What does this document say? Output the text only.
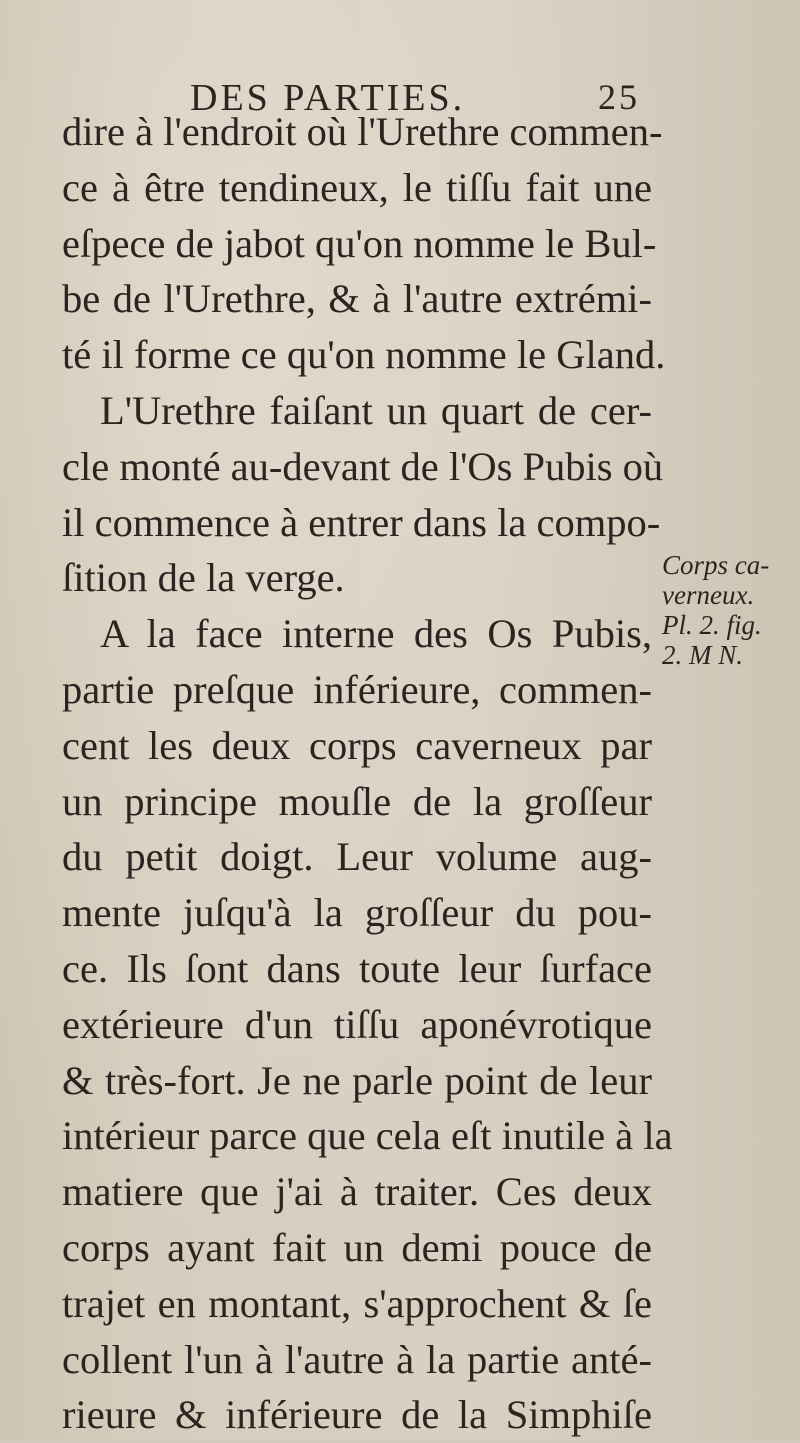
DES PARTIES.	25
dire à l'endroit où l'Urethre commen-
ce à être tendineux, le tiſſu fait une
eſpece de jabot qu'on nomme le Bul-
be de l'Urethre, & à l'autre extrémi-
té il forme ce qu'on nomme le Gland.
L'Urethre faiſant un quart de cer-
cle monté au-devant de l'Os Pubis où
il commence à entrer dans la compo-
ſition de la verge.
A la face interne des Os Pubis,
partie preſque inférieure, commen-
cent les deux corps caverneux par
un principe mouſle de la groſſeur
du petit doigt. Leur volume aug-
mente juſqu'à la groſſeur du pou-
ce. Ils ſont dans toute leur ſurface
extérieure d'un tiſſu aponévrotique
& très-fort. Je ne parle point de leur
intérieur parce que cela eſt inutile à la
matiere que j'ai à traiter. Ces deux
corps ayant fait un demi pouce de
trajet en montant, s'approchent & ſe
collent l'un à l'autre à la partie anté-
rieure & inférieure de la Simphiſe
Corps ca-
verneux.
Pl. 2. fig.
2. M N.
